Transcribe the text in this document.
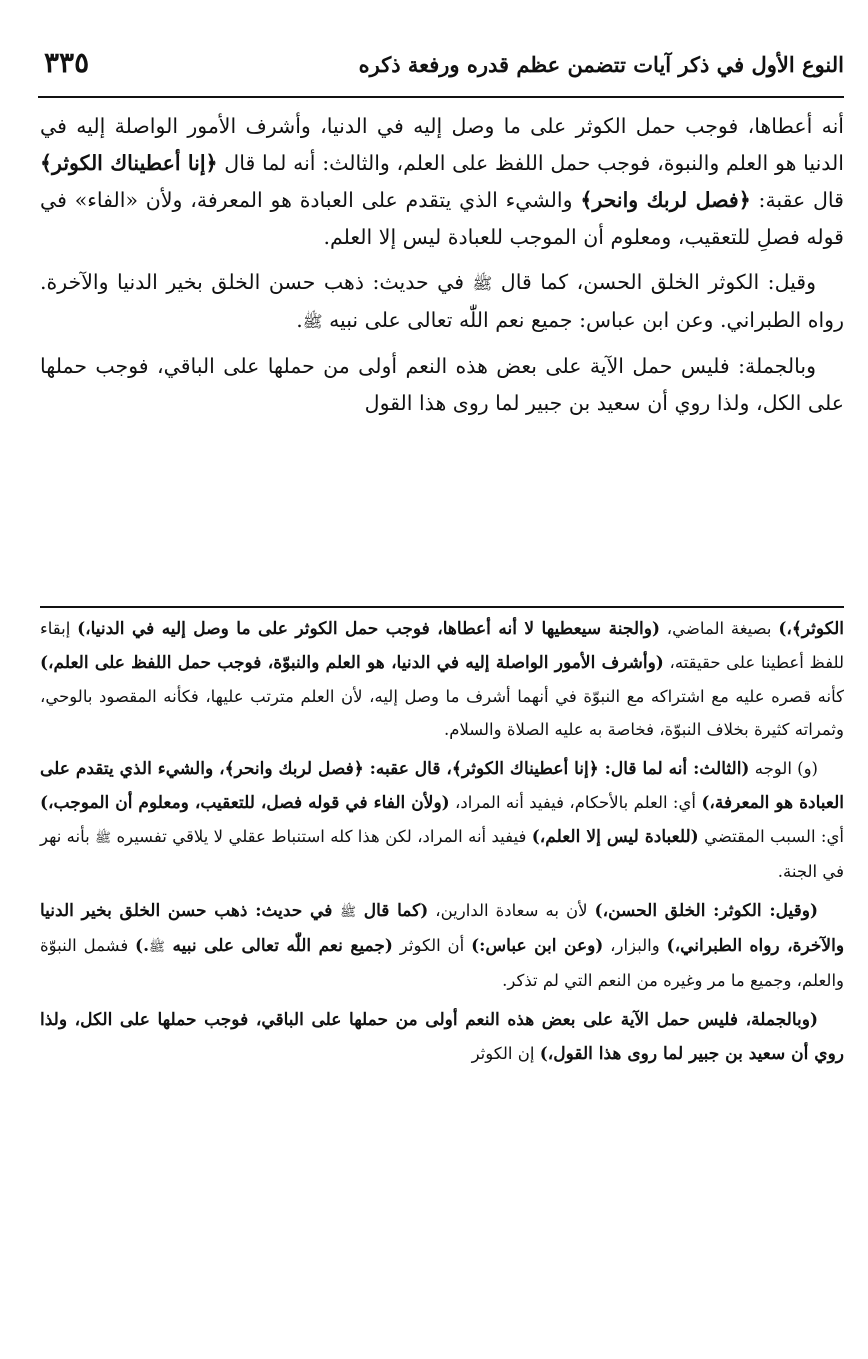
النوع الأول في ذكر آيات تتضمن عظم قدره ورفعة ذكره
٣٣٥

أنه أعطاها، فوجب حمل الكوثر على ما وصل إليه في الدنيا، وأشرف الأمور الواصلة إليه في الدنيا هو العلم والنبوة، فوجب حمل اللفظ على العلم، والثالث: أنه لما قال ﴿إنا أعطيناك الكوثر﴾ قال عقبة: ﴿فصل لربك وانحر﴾ والشيء الذي يتقدم على العبادة هو المعرفة، ولأن «الفاء» في قوله فصلِ للتعقيب، ومعلوم أن الموجب للعبادة ليس إلا العلم.

وقيل: الكوثر الخلق الحسن، كما قال ﷺ في حديث: ذهب حسن الخلق بخير الدنيا والآخرة. رواه الطبراني. وعن ابن عباس: جميع نعم اللّٰه تعالى على نبيه ﷺ.

وبالجملة: فليس حمل الآية على بعض هذه النعم أولى من حملها على الباقي، فوجب حملها على الكل، ولذا روي أن سعيد بن جبير لما روى هذا القول

الكوثر﴾،) بصيغة الماضي، (والجنة سيعطيها لا أنه أعطاها، فوجب حمل الكوثر على ما وصل إليه في الدنيا،) إبقاء للفظ أعطينا على حقيقته، (وأشرف الأمور الواصلة إليه في الدنيا، هو العلم والنبوّة، فوجب حمل اللفظ على العلم،) كأنه قصره عليه مع اشتراكه مع النبوّة في أنهما أشرف ما وصل إليه، لأن العلم مترتب عليها، فكأنه المقصود بالوحي، وثمراته كثيرة بخلاف النبوّة، فخاصة به عليه الصلاة والسلام.

(و) الوجه (الثالث: أنه لما قال: ﴿إنا أعطيناك الكوثر﴾، قال عقبه: ﴿فصل لربك وانحر﴾، والشيء الذي يتقدم على العبادة هو المعرفة،) أي: العلم بالأحكام، فيفيد أنه المراد، (ولأن الفاء في قوله فصل، للتعقيب، ومعلوم أن الموجب،) أي: السبب المقتضي (للعبادة ليس إلا العلم،) فيفيد أنه المراد، لكن هذا كله استنباط عقلي لا يلاقي تفسيره ﷺ بأنه نهر في الجنة.

(وقيل: الكوثر: الخلق الحسن،) لأن به سعادة الدارين، (كما قال ﷺ في حديث: ذهب حسن الخلق بخير الدنيا والآخرة، رواه الطبراني،) والبزار، (وعن ابن عباس:) أن الكوثر (جميع نعم اللّٰه تعالى على نبيه ﷺ.) فشمل النبوّة والعلم، وجميع ما مر وغيره من النعم التي لم تذكر.

(وبالجملة، فليس حمل الآية على بعض هذه النعم أولى من حملها على الباقي، فوجب حملها على الكل، ولذا روي أن سعيد بن جبير لما روى هذا القول،) إن الكوثر
